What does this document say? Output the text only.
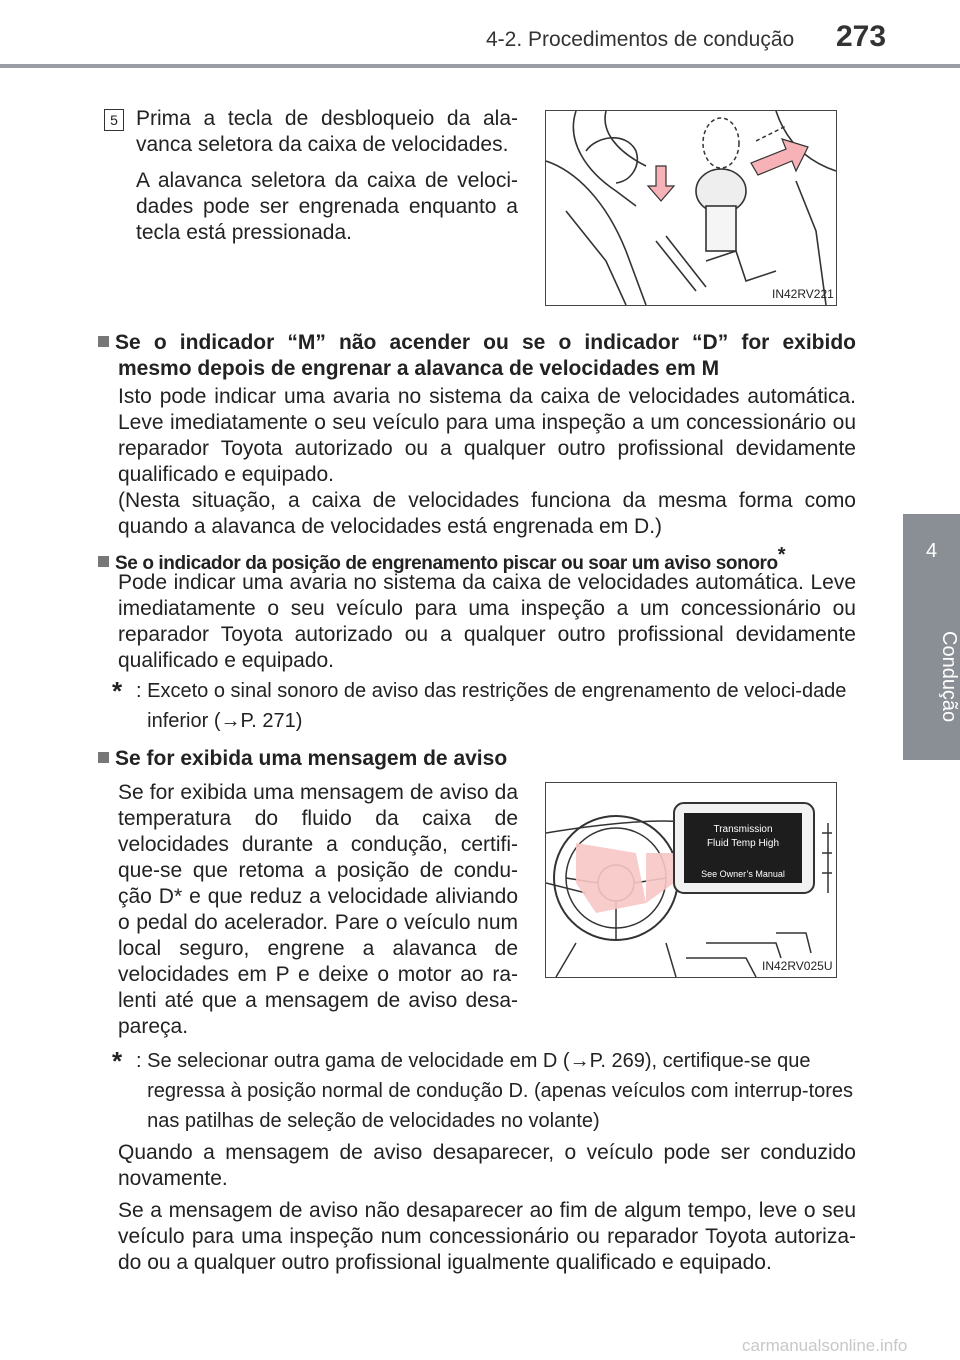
4-2. Procedimentos de condução 273
4
Condução
5 Prima a tecla de desbloqueio da ala-vanca seletora da caixa de velocidades.
A alavanca seletora da caixa de veloci-dades pode ser engrenada enquanto a tecla está pressionada.
IN42RV221
Se o indicador “M” não acender ou se o indicador “D” for exibido
mesmo depois de engrenar a alavanca de velocidades em M
Isto pode indicar uma avaria no sistema da caixa de velocidades automática. Leve imediatamente o seu veículo para uma inspeção a um concessionário ou reparador Toyota autorizado ou a qualquer outro profissional devidamente qualificado e equipado.
(Nesta situação, a caixa de velocidades funciona da mesma forma como quando a alavanca de velocidades está engrenada em D.)
Se o indicador da posição de engrenamento piscar ou soar um aviso sonoro*
Pode indicar uma avaria no sistema da caixa de velocidades automática. Leve imediatamente o seu veículo para uma inspeção a um concessionário ou reparador Toyota autorizado ou a qualquer outro profissional devidamente qualificado e equipado.
* : Exceto o sinal sonoro de aviso das restrições de engrenamento de veloci-dade inferior (→P. 271)
Se for exibida uma mensagem de aviso
Se for exibida uma mensagem de aviso da temperatura do fluido da caixa de velocidades durante a condução, certifi-que-se que retoma a posição de condu-ção D* e que reduz a velocidade aliviando o pedal do acelerador. Pare o veículo num local seguro, engrene a alavanca de velocidades em P e deixe o motor ao ra-lenti até que a mensagem de aviso desa-pareça.
Transmission
Fluid Temp High
See Owner’s Manual
IN42RV025U
* : Se selecionar outra gama de velocidade em D (→P. 269), certifique-se que regressa à posição normal de condução D. (apenas veículos com interrup-tores nas patilhas de seleção de velocidades no volante)
Quando a mensagem de aviso desaparecer, o veículo pode ser conduzido novamente.
Se a mensagem de aviso não desaparecer ao fim de algum tempo, leve o seu veículo para uma inspeção num concessionário ou reparador Toyota autoriza-do ou a qualquer outro profissional igualmente qualificado e equipado.
carmanualsonline.info
